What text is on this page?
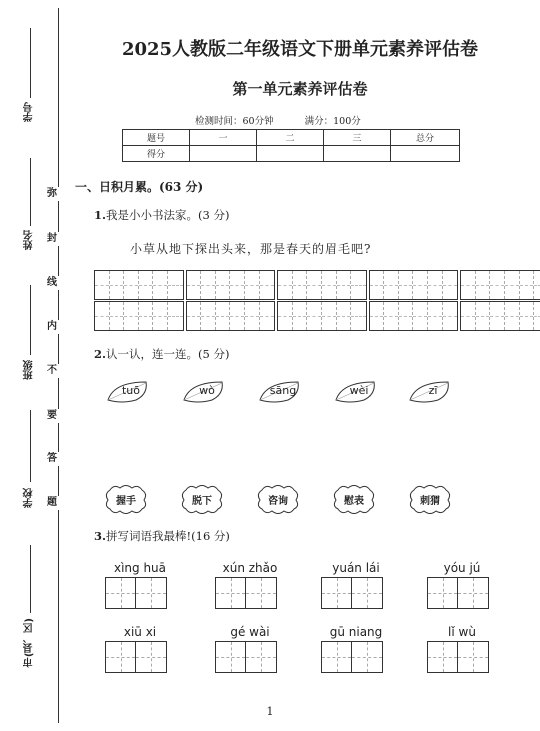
学号
姓名
班级
学校
市(县、区)
弥
封
线
内
不
要
答
题
2025人教版二年级语文下册单元素养评估卷
第一单元素养评估卷
检测时间：60分钟	满分：100分
题号	一	二	三	总分
得分				
一、日积月累。(63 分)
1.我是小小书法家。(3 分)
小草从地下探出头来，那是春天的眉毛吧?
2.认一认，连一连。(5 分)
tuō	wò	sāng	wèi	zī
握手	脱下	咨询	慰表	刺猬
3.拼写词语我最棒!(16 分)
xìng huā	xún zhǎo	yuán lái	yóu jú
xiū xi	gé wài	gū niang	lǐ wù
1
